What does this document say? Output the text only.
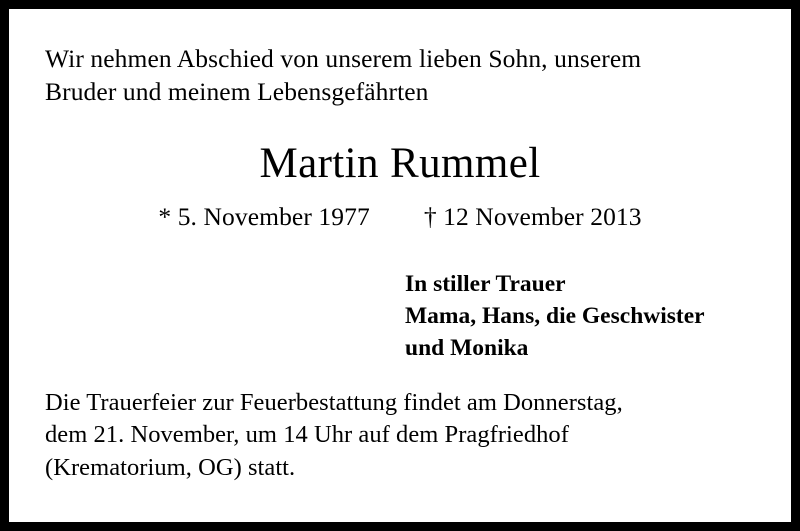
Wir nehmen Abschied von unserem lieben Sohn, unserem
Bruder und meinem Lebensgefährten
Martin Rummel
* 5. November 1977 † 12 November 2013
In stiller Trauer
Mama, Hans, die Geschwister
und Monika
Die Trauerfeier zur Feuerbestattung findet am Donnerstag,
dem 21. November, um 14 Uhr auf dem Pragfriedhof
(Krematorium, OG) statt.
